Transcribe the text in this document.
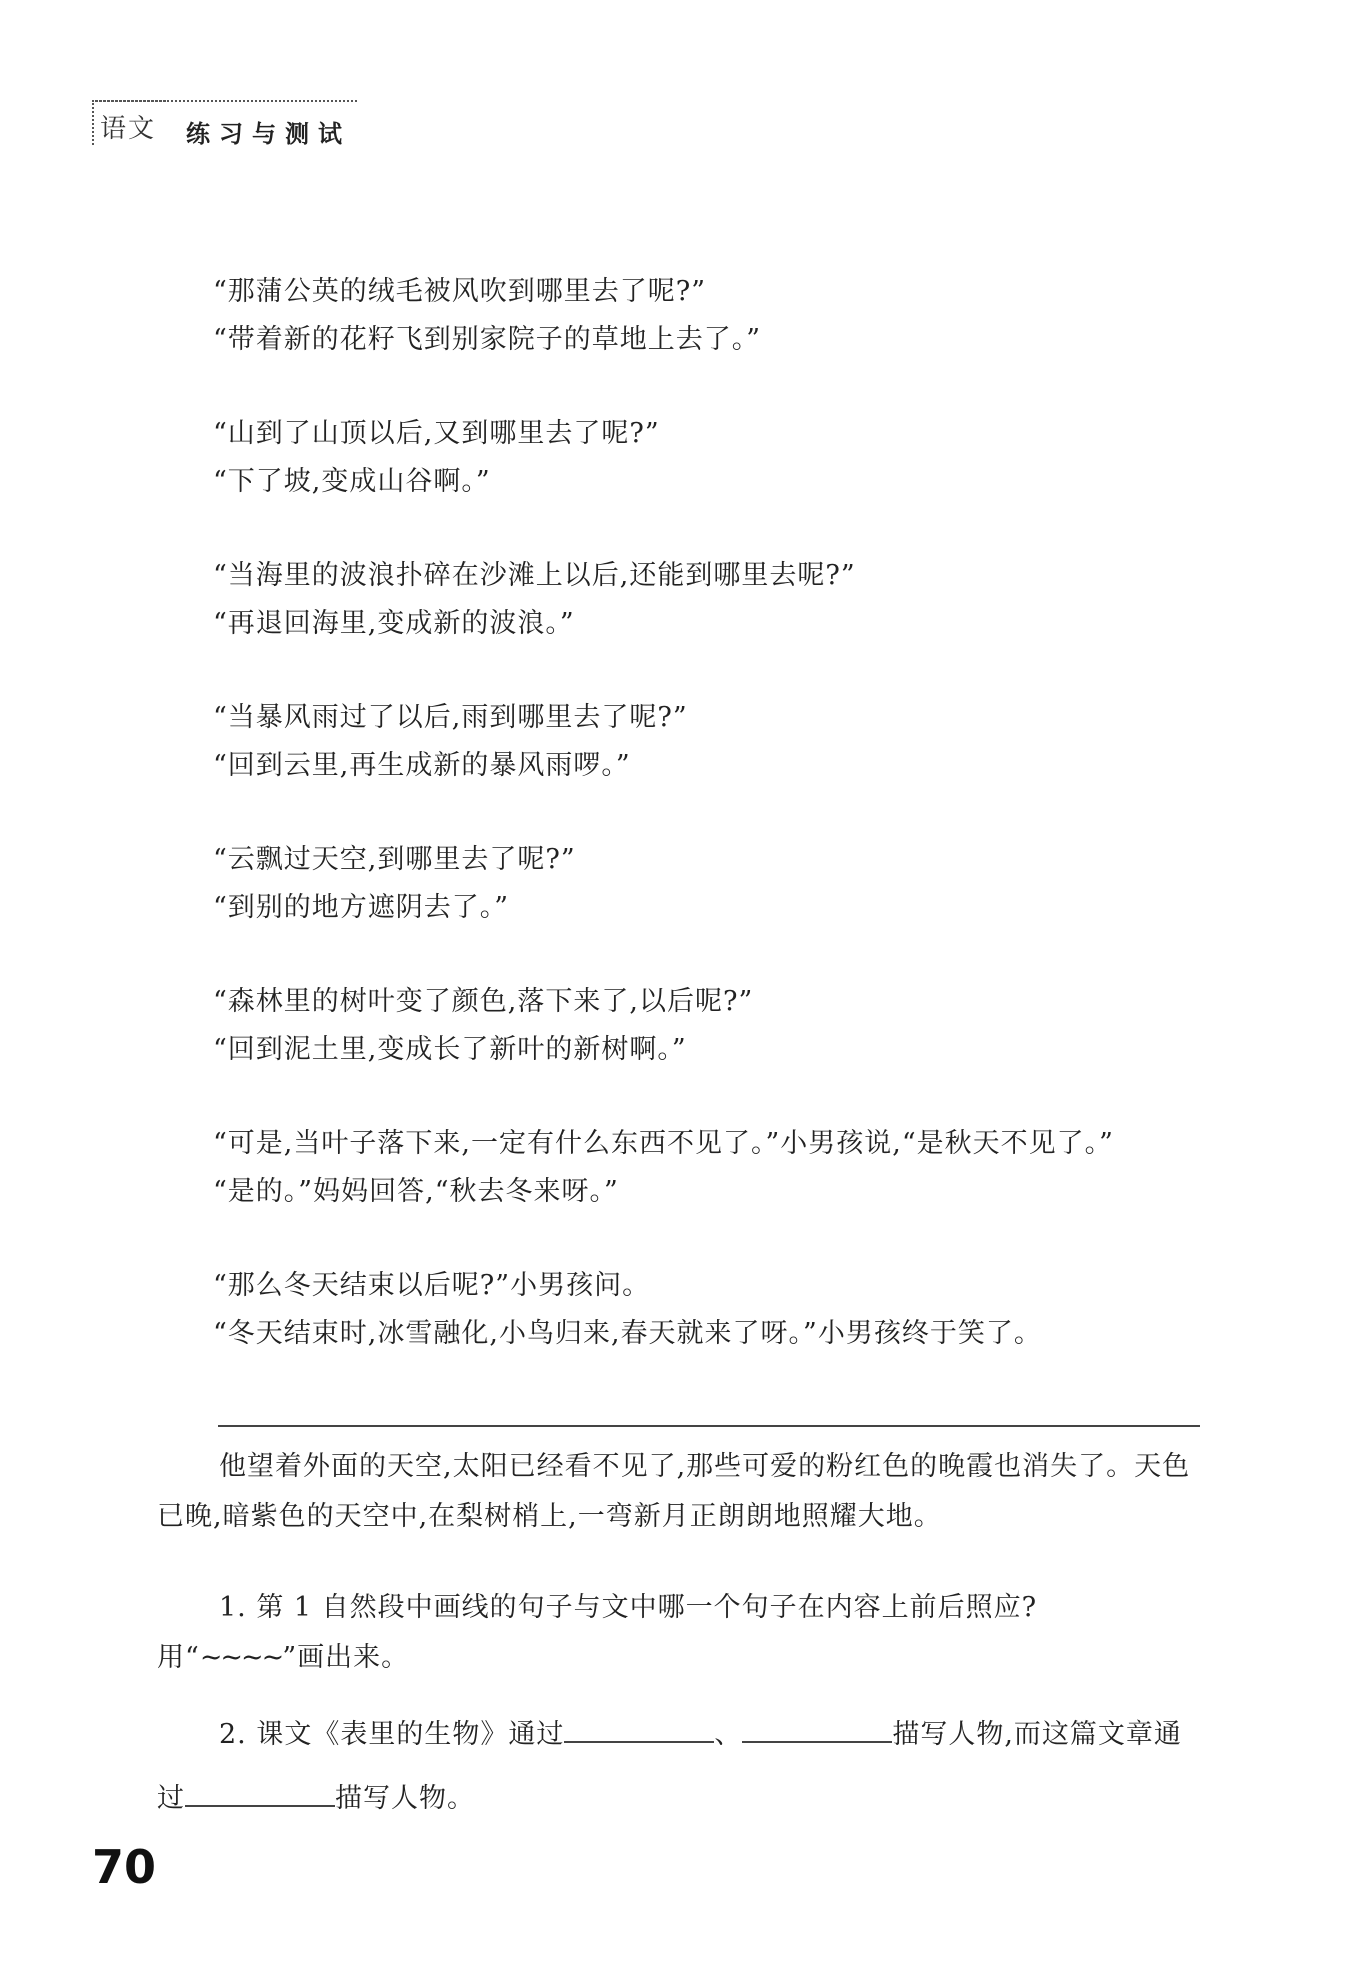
语文	练习与测试
“那蒲公英的绒毛被风吹到哪里去了呢?”
“带着新的花籽飞到别家院子的草地上去了。”
“山到了山顶以后,又到哪里去了呢?”
“下了坡,变成山谷啊。”
“当海里的波浪扑碎在沙滩上以后,还能到哪里去呢?”
“再退回海里,变成新的波浪。”
“当暴风雨过了以后,雨到哪里去了呢?”
“回到云里,再生成新的暴风雨啰。”
“云飘过天空,到哪里去了呢?”
“到别的地方遮阴去了。”
“森林里的树叶变了颜色,落下来了,以后呢?”
“回到泥土里,变成长了新叶的新树啊。”
“可是,当叶子落下来,一定有什么东西不见了。”小男孩说,“是秋天不见了。”
“是的。”妈妈回答,“秋去冬来呀。”
“那么冬天结束以后呢?”小男孩问。
“冬天结束时,冰雪融化,小鸟归来,春天就来了呀。”小男孩终于笑了。
他望着外面的天空,太阳已经看不见了,那些可爱的粉红色的晚霞也消失了。天色已晚,暗紫色的天空中,在梨树梢上,一弯新月正朗朗地照耀大地。
1. 第 1 自然段中画线的句子与文中哪一个句子在内容上前后照应? 用“~~~~”画出来。
2. 课文《表里的生物》通过	、	描写人物,而这篇文章通
过	描写人物。
70
